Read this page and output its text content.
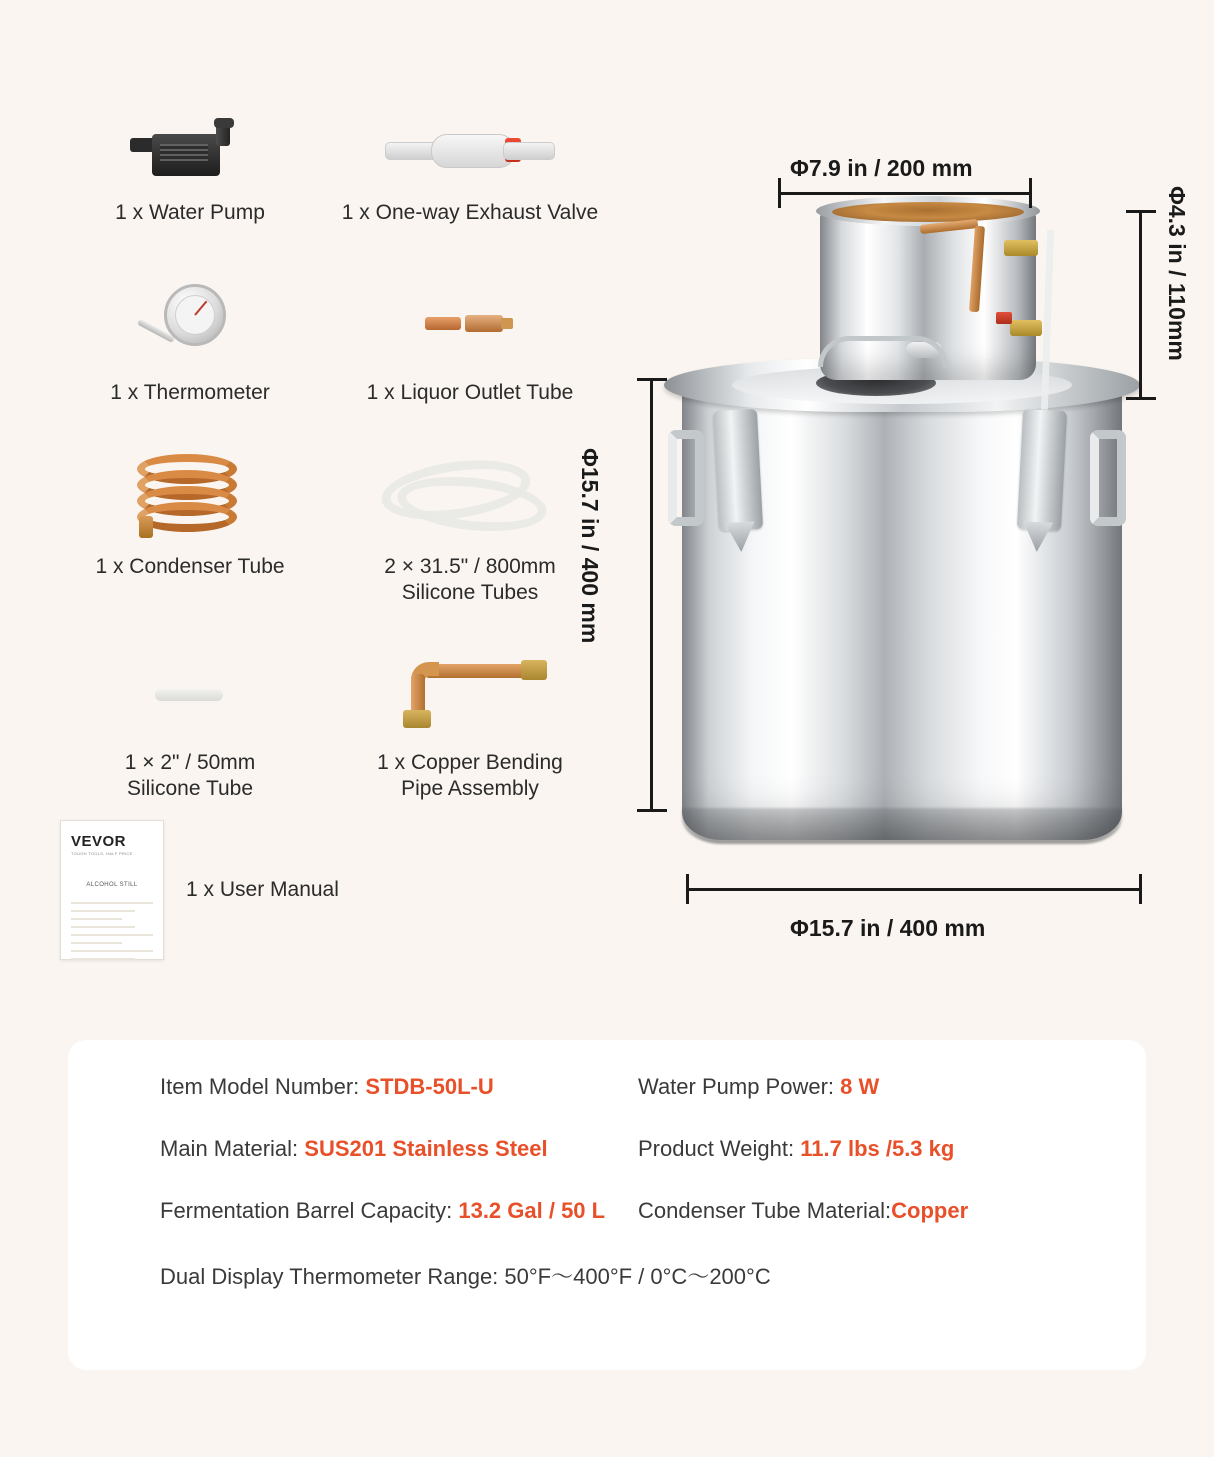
1 x Water Pump	1 x One-way Exhaust Valve
1 x Thermometer	1 x Liquor Outlet Tube
1 x Condenser Tube	2 × 31.5" / 800mm
Silicone Tubes
1 × 2" / 50mm
Silicone Tube
1 x Copper Bending
Pipe Assembly
VEVOR
TOUGH TOOLS, HALF PRICE
ALCOHOL STILL	1 x User Manual
Φ7.9 in / 200 mm
Φ4.3 in / 110mm
Φ15.7 in / 400 mm
Φ15.7 in / 400 mm
Item Model Number: STDB-50L-U	Water Pump Power: 8 W
Main Material: SUS201 Stainless Steel	Product Weight: 11.7 lbs /5.3 kg
Fermentation Barrel Capacity: 13.2 Gal / 50 L	Condenser Tube Material:Copper
Dual Display Thermometer Range: 50°F～400°F / 0°C～200°C
